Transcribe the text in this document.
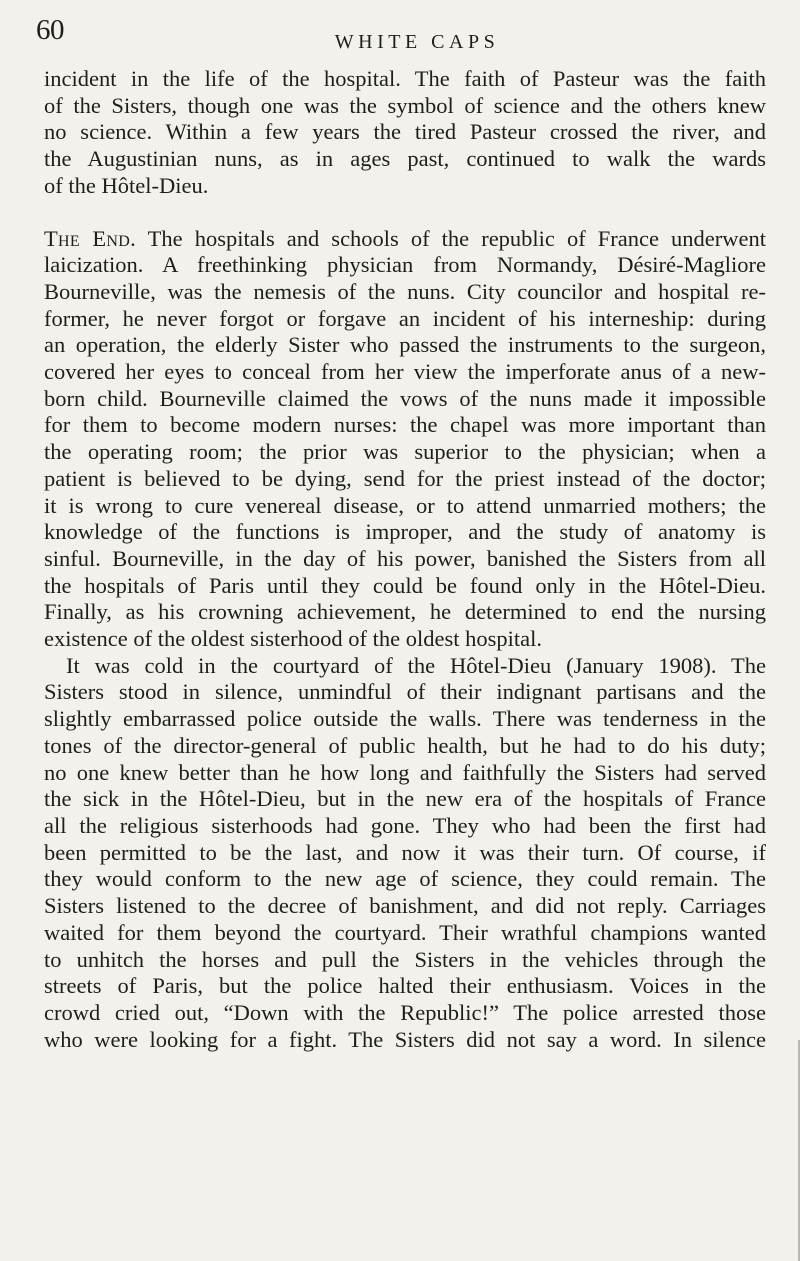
60	WHITE CAPS
incident in the life of the hospital. The faith of Pasteur was the faith
of the Sisters, though one was the symbol of science and the others knew
no science. Within a few years the tired Pasteur crossed the river, and
the Augustinian nuns, as in ages past, continued to walk the wards
of the Hôtel-Dieu.
The End. The hospitals and schools of the republic of France underwent
laicization. A freethinking physician from Normandy, Désiré-Magliore
Bourneville, was the nemesis of the nuns. City councilor and hospital re-
former, he never forgot or forgave an incident of his interneship: during
an operation, the elderly Sister who passed the instruments to the surgeon,
covered her eyes to conceal from her view the imperforate anus of a new-
born child. Bourneville claimed the vows of the nuns made it impossible
for them to become modern nurses: the chapel was more important than
the operating room; the prior was superior to the physician; when a
patient is believed to be dying, send for the priest instead of the doctor;
it is wrong to cure venereal disease, or to attend unmarried mothers; the
knowledge of the functions is improper, and the study of anatomy is
sinful. Bourneville, in the day of his power, banished the Sisters from all
the hospitals of Paris until they could be found only in the Hôtel-Dieu.
Finally, as his crowning achievement, he determined to end the nursing
existence of the oldest sisterhood of the oldest hospital.
It was cold in the courtyard of the Hôtel-Dieu (January 1908). The
Sisters stood in silence, unmindful of their indignant partisans and the
slightly embarrassed police outside the walls. There was tenderness in the
tones of the director-general of public health, but he had to do his duty;
no one knew better than he how long and faithfully the Sisters had served
the sick in the Hôtel-Dieu, but in the new era of the hospitals of France
all the religious sisterhoods had gone. They who had been the first had
been permitted to be the last, and now it was their turn. Of course, if
they would conform to the new age of science, they could remain. The
Sisters listened to the decree of banishment, and did not reply. Carriages
waited for them beyond the courtyard. Their wrathful champions wanted
to unhitch the horses and pull the Sisters in the vehicles through the
streets of Paris, but the police halted their enthusiasm. Voices in the
crowd cried out, “Down with the Republic!” The police arrested those
who were looking for a fight. The Sisters did not say a word. In silence
